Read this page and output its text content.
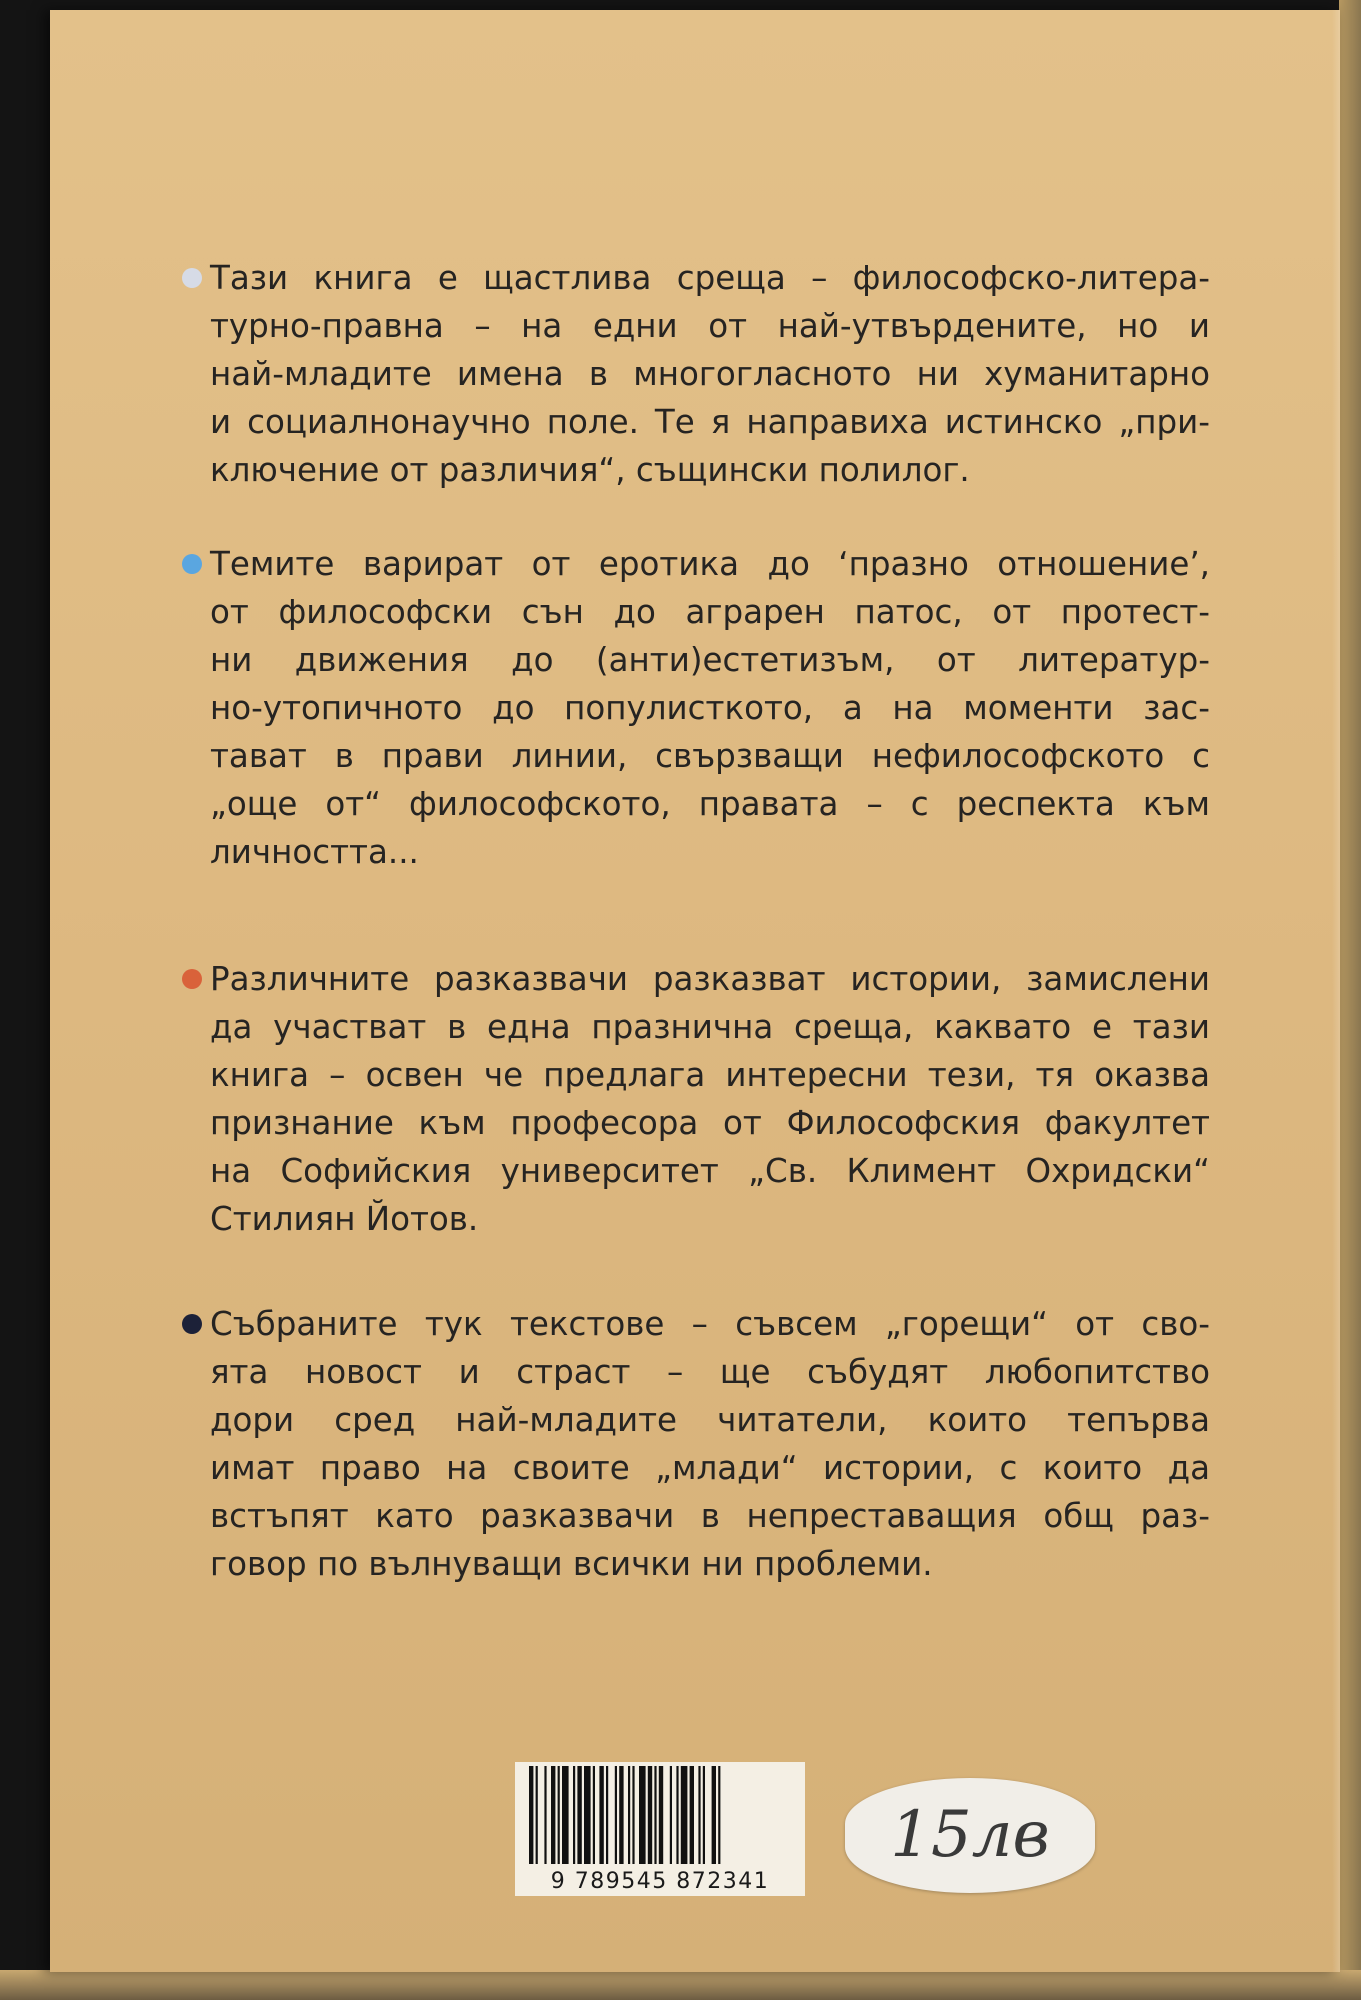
Тази книга е щастлива среща – философско-литера-
турно-правна – на едни от най-утвърдените, но и
най-младите имена в многогласното ни хуманитарно
и социалнонаучно поле. Те я направиха истинско „при-
ключение от различия“, същински полилог.
Темите варират от еротика до ‘празно отношение’,
от философски сън до аграрен патос, от протест-
ни движения до (анти)естетизъм, от литератур-
но-утопичното до популисткото, а на моменти зас-
тават в прави линии, свързващи нефилософското с
„още от“ философското, правата – с респекта към
личността...
Различните разказвачи разказват истории, замислени
да участват в една празнична среща, каквато е тази
книга – освен че предлага интересни тези, тя оказва
признание към професора от Философския факултет
на Софийския университет „Св. Климент Охридски“
Стилиян Йотов.
Събраните тук текстове – съвсем „горещи“ от сво-
ята новост и страст – ще събудят любопитство
дори сред най-младите читатели, които тепърва
имат право на своите „млади“ истории, с които да
встъпят като разказвачи в непреставащия общ раз-
говор по вълнуващи всички ни проблеми.
9 789545 872341
15лв
